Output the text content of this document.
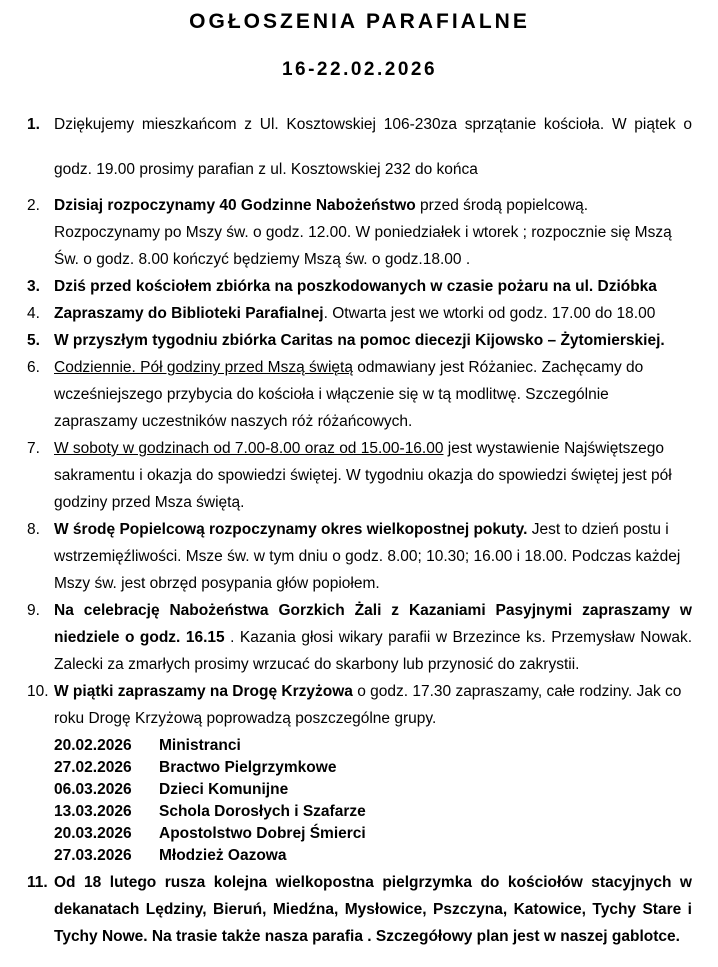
OGŁOSZENIA PARAFIALNE
16-22.02.2026
1. Dziękujemy mieszkańcom z Ul. Kosztowskiej 106-230za sprzątanie kościoła. W piątek o godz. 19.00 prosimy parafian z ul. Kosztowskiej 232 do końca
2. Dzisiaj rozpoczynamy 40 Godzinne Nabożeństwo przed środą popielcową. Rozpoczynamy po Mszy św. o godz. 12.00. W poniedziałek i wtorek ; rozpocznie się Mszą Św. o godz. 8.00 kończyć będziemy Mszą św. o godz.18.00 .
3. Dziś przed kościołem zbiórka na poszkodowanych w czasie pożaru na ul. Dzióbka
4. Zapraszamy do Biblioteki Parafialnej. Otwarta jest we wtorki od godz. 17.00 do 18.00
5. W przyszłym tygodniu zbiórka Caritas na pomoc diecezji Kijowsko – Żytomierskiej.
6. Codziennie. Pół godziny przed Mszą świętą odmawiany jest Różaniec. Zachęcamy do wcześniejszego przybycia do kościoła i włączenie się w tą modlitwę. Szczególnie zapraszamy uczestników naszych róż różańcowych.
7. W soboty w godzinach od 7.00-8.00 oraz od 15.00-16.00 jest wystawienie Najświętszego sakramentu i okazja do spowiedzi świętej. W tygodniu okazja do spowiedzi świętej jest pół godziny przed Msza świętą.
8. W środę Popielcową rozpoczynamy okres wielkopostnej pokuty. Jest to dzień postu i wstrzemięźliwości. Msze św. w tym dniu o godz. 8.00; 10.30; 16.00 i 18.00. Podczas każdej Mszy św. jest obrzęd posypania głów popiołem.
9. Na celebrację Nabożeństwa Gorzkich Żali z Kazaniami Pasyjnymi zapraszamy w niedziele o godz. 16.15 . Kazania głosi wikary parafii w Brzezince ks. Przemysław Nowak. Zalecki za zmarłych prosimy wrzucać do skarbony lub przynosić do zakrystii.
10. W piątki zapraszamy na Drogę Krzyżowa o godz. 17.30 zapraszamy, całe rodziny. Jak co roku Drogę Krzyżową poprowadzą poszczególne grupy.
20.02.2026	Ministranci
27.02.2026	Bractwo Pielgrzymkowe
06.03.2026	Dzieci Komunijne
13.03.2026	Schola Dorosłych i Szafarze
20.03.2026	Apostolstwo Dobrej Śmierci
27.03.2026	Młodzież Oazowa
11. Od 18 lutego rusza kolejna wielkopostna pielgrzymka do kościołów stacyjnych w dekanatach Lędziny, Bieruń, Miedźna, Mysłowice, Pszczyna, Katowice, Tychy Stare i Tychy Nowe. Na trasie także nasza parafia . Szczegółowy plan jest w naszej gablotce.
